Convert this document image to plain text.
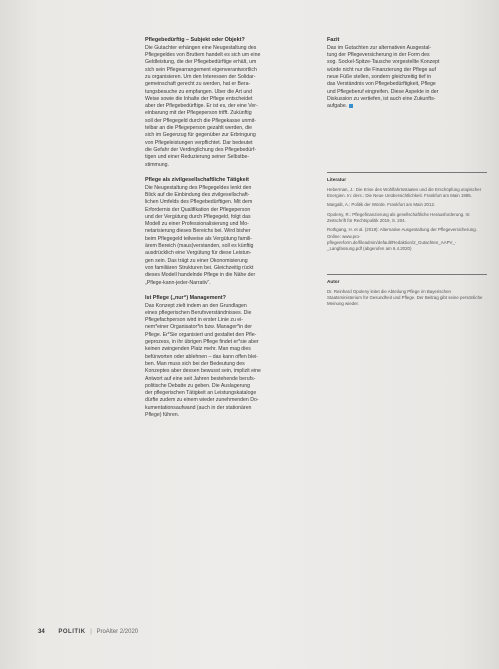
Pflegebedürftig – Subjekt oder Objekt?

Die Gutachter erhängen eine Neugestaltung des
Pflegegeldes von Bruttem handelt es sich um eine
Geldleistung, die der Pflegebedürftige erhält, um
sich sein Pflegearrangement eigenverantwortlich
zu organisieren. Um den Interessen der Solidar-
gemeinschaft gerecht zu werden, hat er Bera-
tungsbesuche zu empfangen. Über die Art und
Weise sowie die Inhalte der Pflege entscheidet
aber der Pflegebedürftige. Er ist es, der eine Ver-
einbarung mit der Pflegeperson trifft. Zukünftig
soll der Pflegegeld durch die Pflegekasse unmit-
telbar an die Pflegeperson gezahlt werden, die
sich im Gegenzug für gegenüber zur Erbringung
von Pflegeleistungen verpflichtet. Dar bedeutet
die Gefahr der Verdinglichung des Pflegebedürf-
tigen und einer Reduzierung seiner Selbstbe-
stimmung.

Pflege als zivilgesellschaftliche Tätigkeit

Die Neugestaltung des Pflegegeldes lenkt den
Blick auf die Einbindung des zivilgesellschaft-
lichen Umfelds des Pflegebedürftigen. Mit dem
Erfordernis der Qualifikation der Pflegeperson
und der Vergütung durch Pflegegeld, folgt das
Modell zu einer Professionalisierung und Mo-
netarisierung dieses Bereichs bei. Wird bisher
beim Pflegegeld teilweise als Vergütung famili-
ärem Bereich (maus)verstanden, soll es künftig
ausdrücklich eine Vergütung für diese Leistun-
gen sein. Das trägt zu einer Ökonomisierung
von familiären Strukturen bei. Gleichzeitig rückt
dieses Modell handelnde Pflege in die Nähe der
„Pflege-kann-jeder-Narrativ“.

Ist Pflege („nur“) Management?

Das Konzept zielt indem an den Grundlagen
eines pflegerischen Berufsverständnisses. Die
Pflegefachperson wird in erster Linie zu ei-
nem*einer Organisator*in bzw. Manager*in der
Pflege. Er*Sie organisiert und gestaltet den Pfle-
geprozess, in ihr übrigen Pflege findet er*sie aber
keinen zwingenden Platz mehr. Man mag dies
befürworten oder ablehnen – das kann offen blei-
ben. Man muss sich bei der Bedeutung des
Konzeptes aber dessen bewusst sein, implizit eine
Antwort auf eine seit Jahren bestehende berufs-
politische Debatte zu geben. Die Auslagerung
der pflegerischen Tätigkeit an Leistungskataloge
dürfte zudem zu einem wieder zunehmenden Do-
kumentationsaufwand (auch in der stationären
Pflege) führen.

Fazit
Das im Gutachten zur alternativen Ausgestal-
tung der Pflegeversicherung in der Form des
sog. Sockel-Spitze-Tausche vorgestellte Konzept
würde nicht nur die Finanzierung der Pflege auf
neue Füße stellen, sondern gleichzeitig tief in
das Verständnis von Pflegebedürftigkeit, Pflege
und Pflegeberuf eingreifen. Diese Aspekte in der
Diskussion zu vertiefen, ist auch eine Zukunfts-
aufgabe.
Literatur
Heberman, J.: Die Krise des Wohlfahrtsstaates und die Erschöpfung utopischer Energien. In: ders.: Die Neue Unübersichtlichkeit. Frankfurt am Main 1985.
Margalit, A.: Politik der Würde. Frankfurt am Main 2012.
Opoleny, R.: Pflegefinanzierung als gesellschaftliche Herausforderung. In: Zeitschrift für Rechtspolitik 2019, S. 204.
Rothgang, H. et al. (2019): Alternative Ausgestaltung der Pflegeversicherung. Online: www.pro-pflegereform.de/fileadmin/default/Redaktion/2_Gutachten_AAPV_-_Langfassung.pdf (abgerufen am 6.4.2020)
Autor
Dr. Reinhard Opoleny leitet die Abteilung Pflege im Bayerischen Staatsministerium für Gesundheit und Pflege. Der Beitrag gibt seine persönliche Meinung wieder.
34 POLITIK | ProAlter 2/2020
